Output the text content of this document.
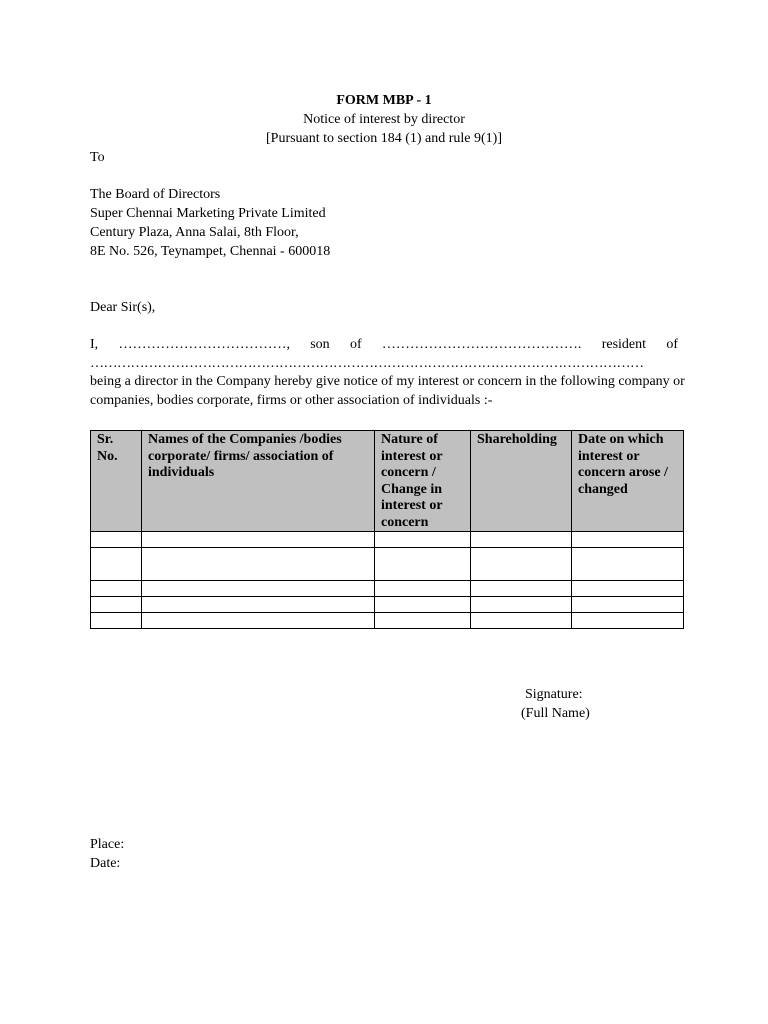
FORM MBP - 1
Notice of interest by director
[Pursuant to section 184 (1) and rule 9(1)]
To
The Board of Directors
Super Chennai Marketing Private Limited
Century Plaza, Anna Salai, 8th Floor,
8E No. 526, Teynampet, Chennai - 600018
Dear Sir(s),
I, ………………………………, son of ……………………………………. resident of
……………………………………………………………………………………………………………
being a director in the Company hereby give notice of my interest or concern in the following company or companies, bodies corporate, firms or other association of individuals :-
Sr. No.	Names of the Companies /bodies corporate/ firms/ association of individuals	Nature of interest or concern / Change in interest or concern	Shareholding	Date on which interest or concern arose / changed

Signature:
(Full Name)
Place:
Date:
